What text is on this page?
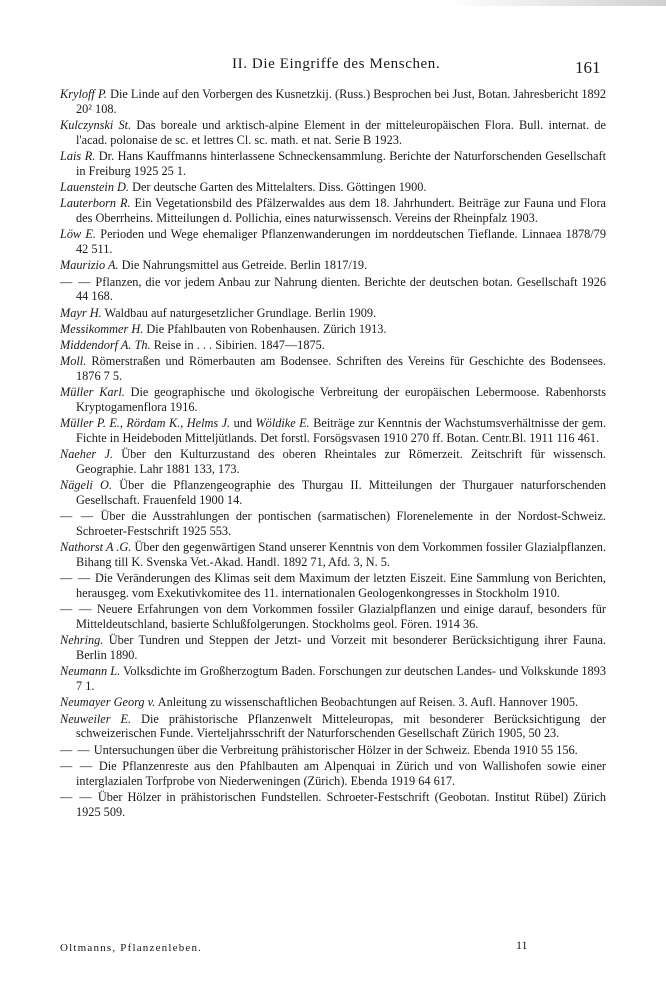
II. Die Eingriffe des Menschen.	161

Kryloff P. Die Linde auf den Vorbergen des Kusnetzkij. (Russ.) Besprochen bei Just, Botan. Jahresbericht 1892 20² 108.

Kulczynski St. Das boreale und arktisch-alpine Element in der mitteleuropäischen Flora. Bull. internat. de l'acad. polonaise de sc. et lettres Cl. sc. math. et nat. Serie B 1923.

Lais R. Dr. Hans Kauffmanns hinterlassene Schneckensammlung. Berichte der Naturforschenden Gesellschaft in Freiburg 1925 25 1.

Lauenstein D. Der deutsche Garten des Mittelalters. Diss. Göttingen 1900.

Lauterborn R. Ein Vegetationsbild des Pfälzerwaldes aus dem 18. Jahrhundert. Beiträge zur Fauna und Flora des Oberrheins. Mitteilungen d. Pollichia, eines naturwissensch. Vereins der Rheinpfalz 1903.

Löw E. Perioden und Wege ehemaliger Pflanzenwanderungen im norddeutschen Tieflande. Linnaea 1878/79 42 511.

Maurizio A. Die Nahrungsmittel aus Getreide. Berlin 1817/19.

— — Pflanzen, die vor jedem Anbau zur Nahrung dienten. Berichte der deutschen botan. Gesellschaft 1926 44 168.

Mayr H. Waldbau auf naturgesetzlicher Grundlage. Berlin 1909.

Messikommer H. Die Pfahlbauten von Robenhausen. Zürich 1913.

Middendorf A. Th. Reise in . . . Sibirien. 1847—1875.

Moll. Römerstraßen und Römerbauten am Bodensee. Schriften des Vereins für Geschichte des Bodensees. 1876 7 5.

Müller Karl. Die geographische und ökologische Verbreitung der europäischen Lebermoose. Rabenhorsts Kryptogamenflora 1916.

Müller P. E., Rördam K., Helms J. und Wöldike E. Beiträge zur Kenntnis der Wachstumsverhältnisse der gem. Fichte in Heideboden Mitteljütlands. Det forstl. Forsögsvasen 1910 270 ff. Botan. Centr.Bl. 1911 116 461.

Naeher J. Über den Kulturzustand des oberen Rheintales zur Römerzeit. Zeitschrift für wissensch. Geographie. Lahr 1881 133, 173.

Nägeli O. Über die Pflanzengeographie des Thurgau II. Mitteilungen der Thurgauer naturforschenden Gesellschaft. Frauenfeld 1900 14.

— — Über die Ausstrahlungen der pontischen (sarmatischen) Florenelemente in der Nordost-Schweiz. Schroeter-Festschrift 1925 553.

Nathorst A .G. Über den gegenwärtigen Stand unserer Kenntnis von dem Vorkommen fossiler Glazialpflanzen. Bihang till K. Svenska Vet.-Akad. Handl. 1892 71, Afd. 3, N. 5.

— — Die Veränderungen des Klimas seit dem Maximum der letzten Eiszeit. Eine Sammlung von Berichten, herausgeg. vom Exekutivkomitee des 11. internationalen Geologenkongresses in Stockholm 1910.

— — Neuere Erfahrungen von dem Vorkommen fossiler Glazialpflanzen und einige darauf, besonders für Mitteldeutschland, basierte Schlußfolgerungen. Stockholms geol. Fören. 1914 36.

Nehring. Über Tundren und Steppen der Jetzt- und Vorzeit mit besonderer Berücksichtigung ihrer Fauna. Berlin 1890.

Neumann L. Volksdichte im Großherzogtum Baden. Forschungen zur deutschen Landes- und Volkskunde 1893 7 1.

Neumayer Georg v. Anleitung zu wissenschaftlichen Beobachtungen auf Reisen. 3. Aufl. Hannover 1905.

Neuweiler E. Die prähistorische Pflanzenwelt Mitteleuropas, mit besonderer Berücksichtigung der schweizerischen Funde. Vierteljahrsschrift der Naturforschenden Gesellschaft Zürich 1905, 50 23.

— — Untersuchungen über die Verbreitung prähistorischer Hölzer in der Schweiz. Ebenda 1910 55 156.

— — Die Pflanzenreste aus den Pfahlbauten am Alpenquai in Zürich und von Wallishofen sowie einer interglazialen Torfprobe von Niederweningen (Zürich). Ebenda 1919 64 617.

— — Über Hölzer in prähistorischen Fundstellen. Schroeter-Festschrift (Geobotan. Institut Rübel) Zürich 1925 509.

Oltmanns, Pflanzenleben.	11
